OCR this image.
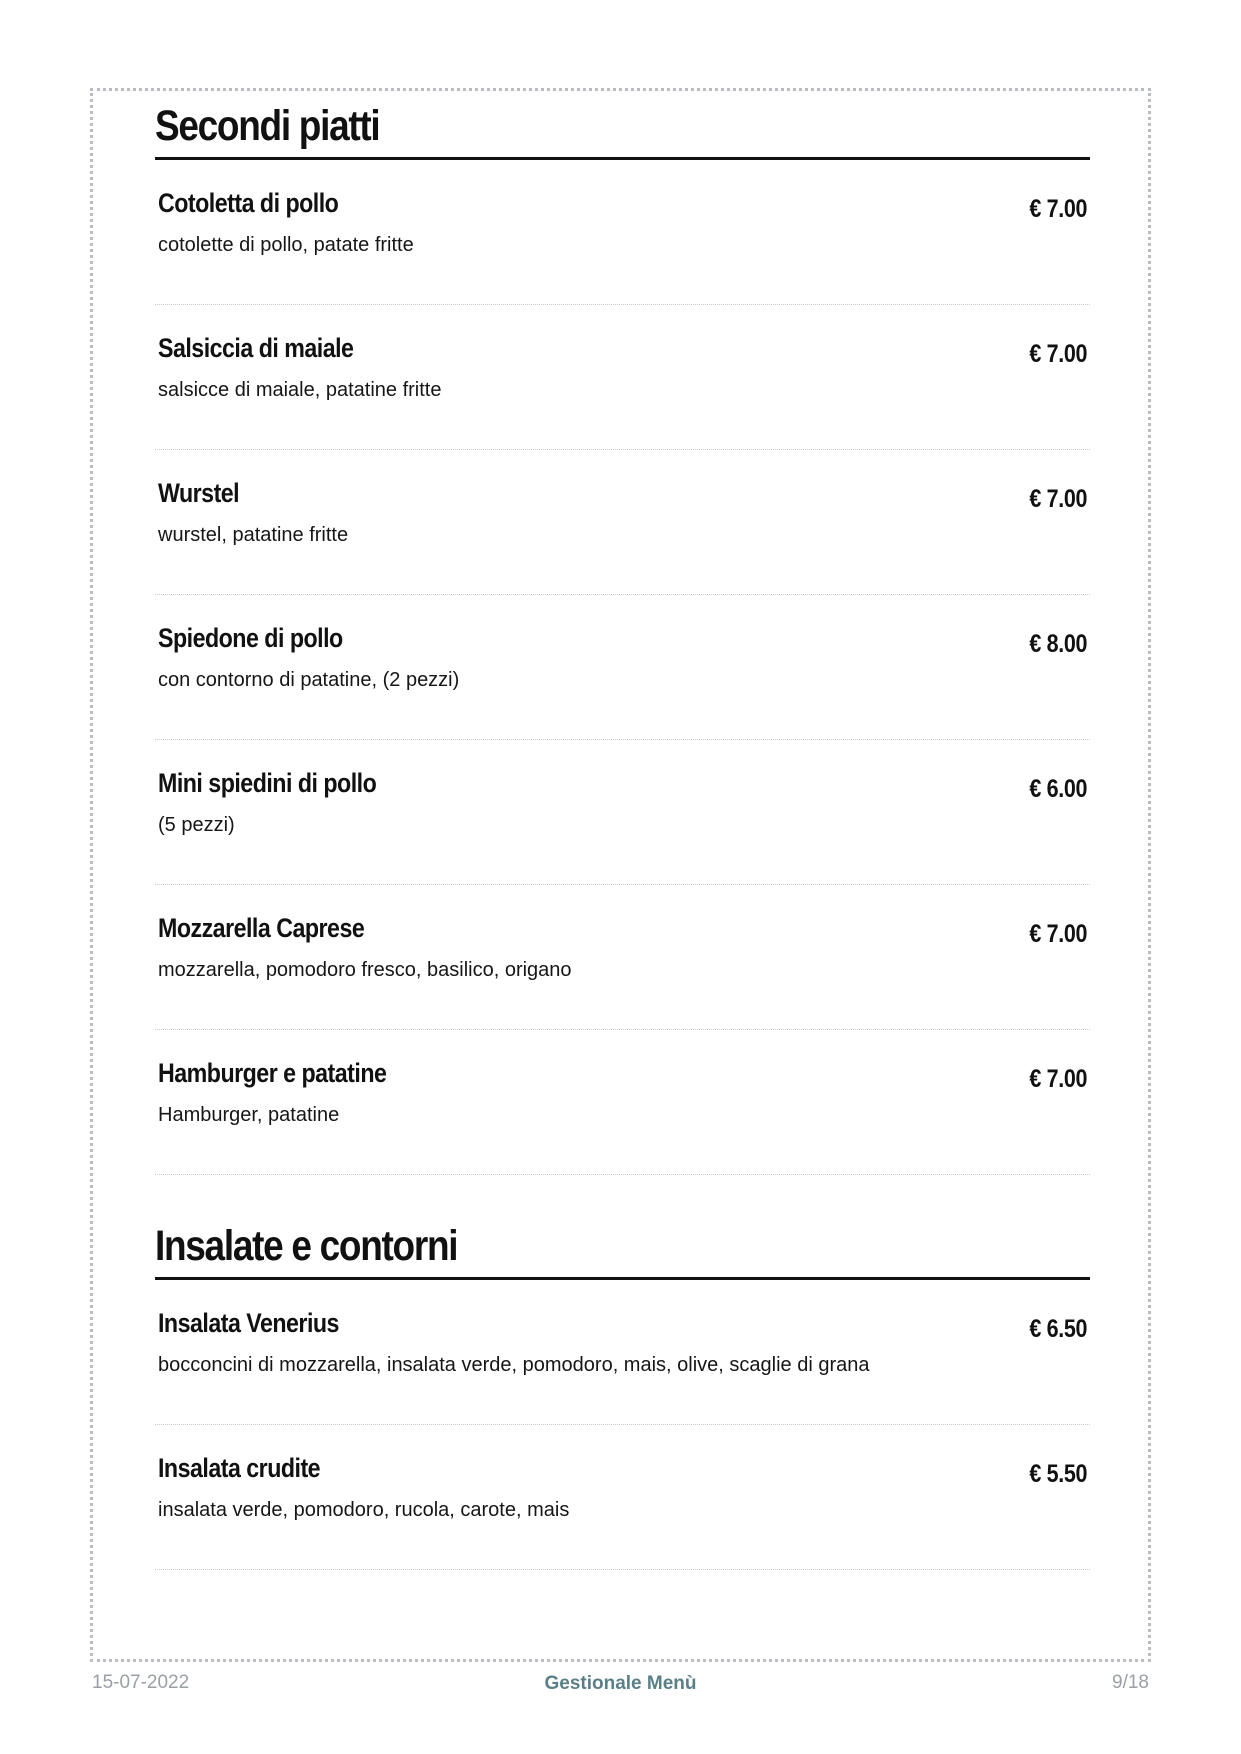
Secondi piatti
Cotoletta di pollo
cotolette di pollo, patate fritte
€ 7.00
Salsiccia di maiale
salsicce di maiale, patatine fritte
€ 7.00
Wurstel
wurstel, patatine fritte
€ 7.00
Spiedone di pollo
con contorno di patatine, (2 pezzi)
€ 8.00
Mini spiedini di pollo
(5 pezzi)
€ 6.00
Mozzarella Caprese
mozzarella, pomodoro fresco, basilico, origano
€ 7.00
Hamburger e patatine
Hamburger, patatine
€ 7.00
Insalate e contorni
Insalata Venerius
bocconcini di mozzarella, insalata verde, pomodoro, mais, olive, scaglie di grana
€ 6.50
Insalata crudite
insalata verde, pomodoro, rucola, carote, mais
€ 5.50
15-07-2022	Gestionale Menù	9/18
